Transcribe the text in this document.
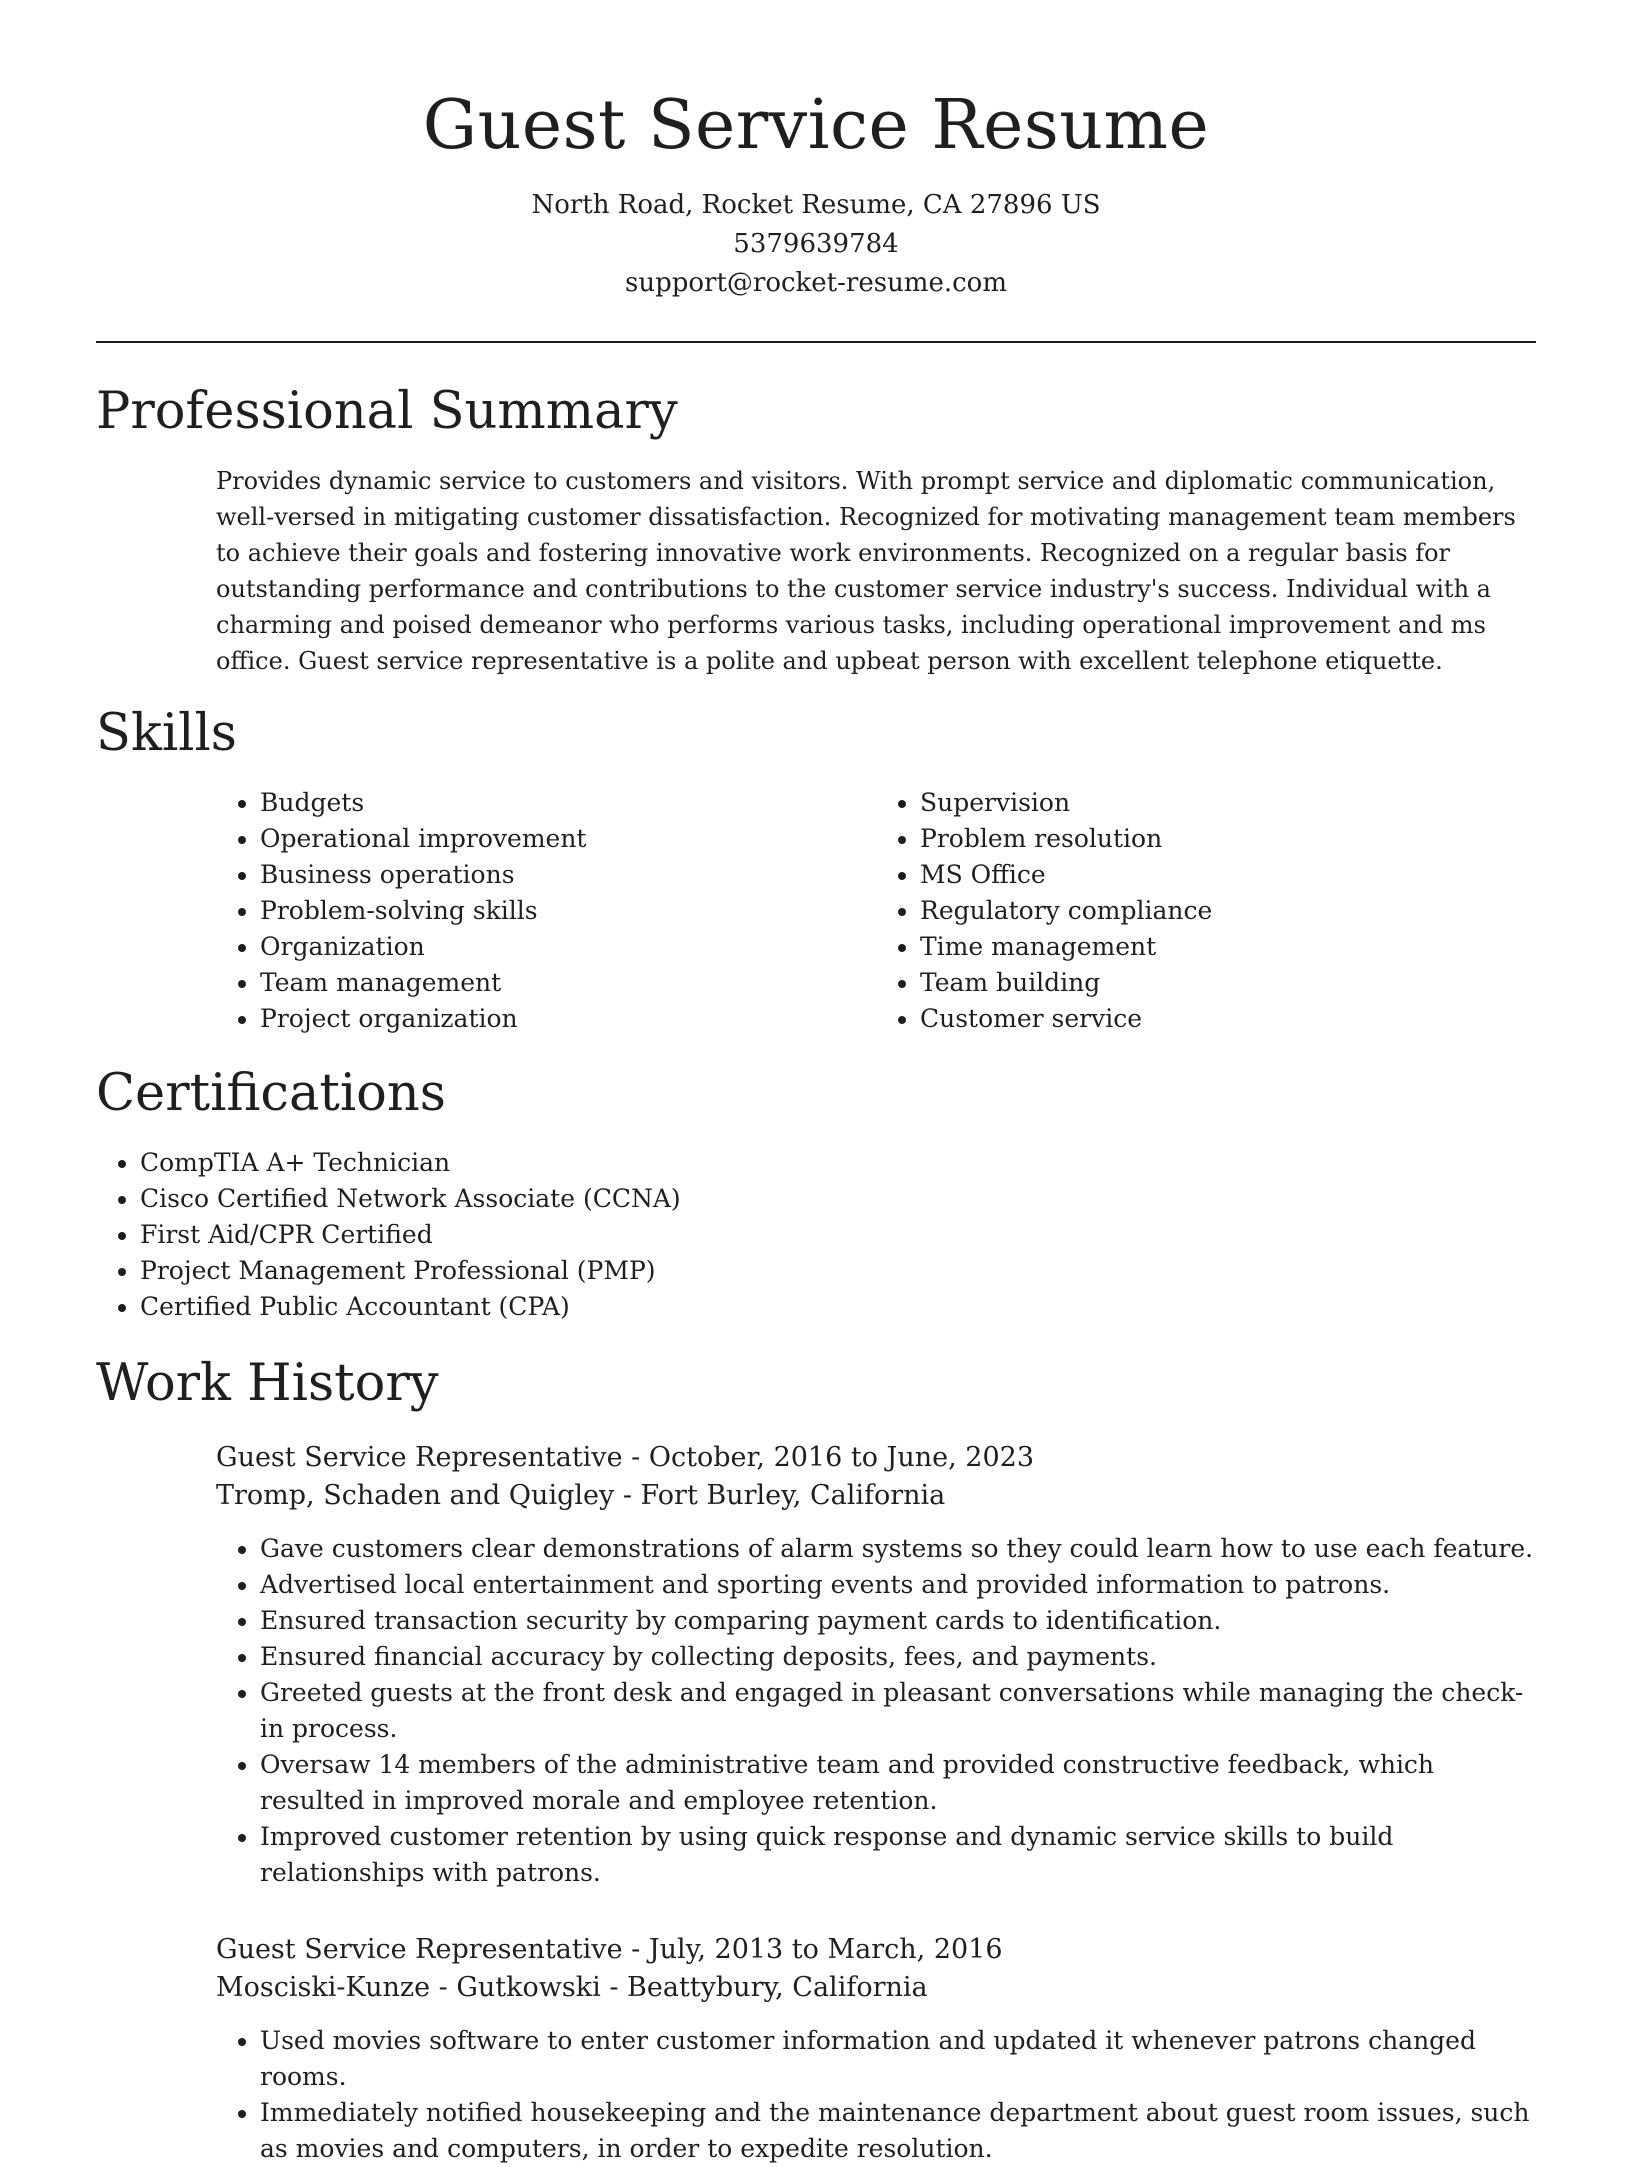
Guest Service Resume
North Road, Rocket Resume, CA 27896 US
5379639784
support@rocket-resume.com
Professional Summary

Provides dynamic service to customers and visitors. With prompt service and diplomatic communication, well-versed in mitigating customer dissatisfaction. Recognized for motivating management team members to achieve their goals and fostering innovative work environments. Recognized on a regular basis for outstanding performance and contributions to the customer service industry's success. Individual with a charming and poised demeanor who performs various tasks, including operational improvement and ms office. Guest service representative is a polite and upbeat person with excellent telephone etiquette.

Skills
• Budgets
• Operational improvement
• Business operations
• Problem-solving skills
• Organization
• Team management
• Project organization
• Supervision
• Problem resolution
• MS Office
• Regulatory compliance
• Time management
• Team building
• Customer service
Certifications
• CompTIA A+ Technician
• Cisco Certified Network Associate (CCNA)
• First Aid/CPR Certified
• Project Management Professional (PMP)
• Certified Public Accountant (CPA)
Work History
Guest Service Representative - October, 2016 to June, 2023
Tromp, Schaden and Quigley - Fort Burley, California
• Gave customers clear demonstrations of alarm systems so they could learn how to use each feature.
• Advertised local entertainment and sporting events and provided information to patrons.
• Ensured transaction security by comparing payment cards to identification.
• Ensured financial accuracy by collecting deposits, fees, and payments.
• Greeted guests at the front desk and engaged in pleasant conversations while managing the check-in process.
• Oversaw 14 members of the administrative team and provided constructive feedback, which resulted in improved morale and employee retention.
• Improved customer retention by using quick response and dynamic service skills to build relationships with patrons.
Guest Service Representative - July, 2013 to March, 2016
Mosciski-Kunze - Gutkowski - Beattybury, California
• Used movies software to enter customer information and updated it whenever patrons changed rooms.
• Immediately notified housekeeping and the maintenance department about guest room issues, such as movies and computers, in order to expedite resolution.
